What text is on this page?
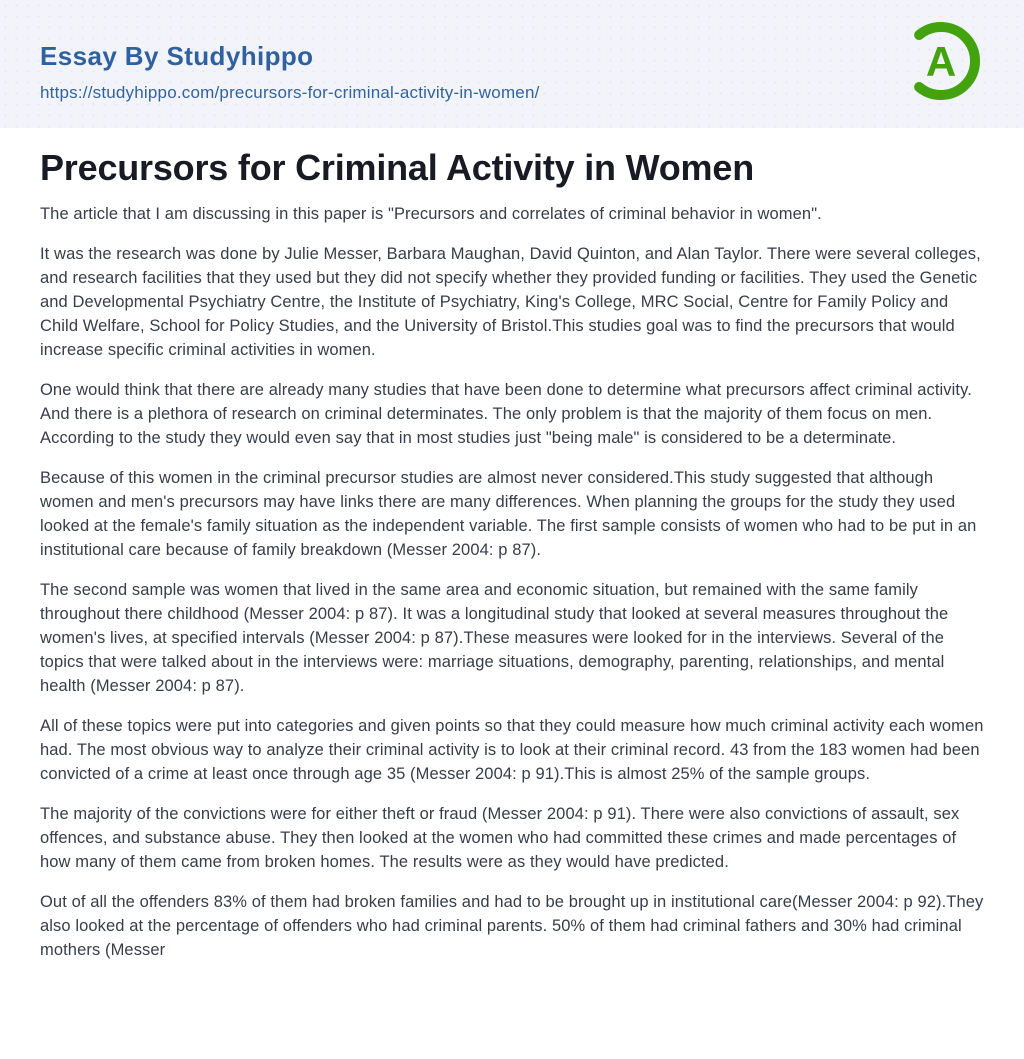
Essay By Studyhippo
https://studyhippo.com/precursors-for-criminal-activity-in-women/
A
Precursors for Criminal Activity in Women

The article that I am discussing in this paper is "Precursors and correlates of criminal behavior in women".

It was the research was done by Julie Messer, Barbara Maughan, David Quinton, and Alan Taylor. There were several colleges, and research facilities that they used but they did not specify whether they provided funding or facilities. They used the Genetic and Developmental Psychiatry Centre, the Institute of Psychiatry, King's College, MRC Social, Centre for Family Policy and Child Welfare, School for Policy Studies, and the University of Bristol.This studies goal was to find the precursors that would increase specific criminal activities in women.

One would think that there are already many studies that have been done to determine what precursors affect criminal activity. And there is a plethora of research on criminal determinates. The only problem is that the majority of them focus on men. According to the study they would even say that in most studies just "being male" is considered to be a determinate.

Because of this women in the criminal precursor studies are almost never considered.This study suggested that although women and men's precursors may have links there are many differences. When planning the groups for the study they used looked at the female's family situation as the independent variable. The first sample consists of women who had to be put in an institutional care because of family breakdown (Messer 2004: p 87).

The second sample was women that lived in the same area and economic situation, but remained with the same family throughout there childhood (Messer 2004: p 87). It was a longitudinal study that looked at several measures throughout the women's lives, at specified intervals (Messer 2004: p 87).These measures were looked for in the interviews. Several of the topics that were talked about in the interviews were: marriage situations, demography, parenting, relationships, and mental health (Messer 2004: p 87).

All of these topics were put into categories and given points so that they could measure how much criminal activity each women had. The most obvious way to analyze their criminal activity is to look at their criminal record. 43 from the 183 women had been convicted of a crime at least once through age 35 (Messer 2004: p 91).This is almost 25% of the sample groups.

The majority of the convictions were for either theft or fraud (Messer 2004: p 91). There were also convictions of assault, sex offences, and substance abuse. They then looked at the women who had committed these crimes and made percentages of how many of them came from broken homes. The results were as they would have predicted.

Out of all the offenders 83% of them had broken families and had to be brought up in institutional care(Messer 2004: p 92).They also looked at the percentage of offenders who had criminal parents. 50% of them had criminal fathers and 30% had criminal mothers (Messer
